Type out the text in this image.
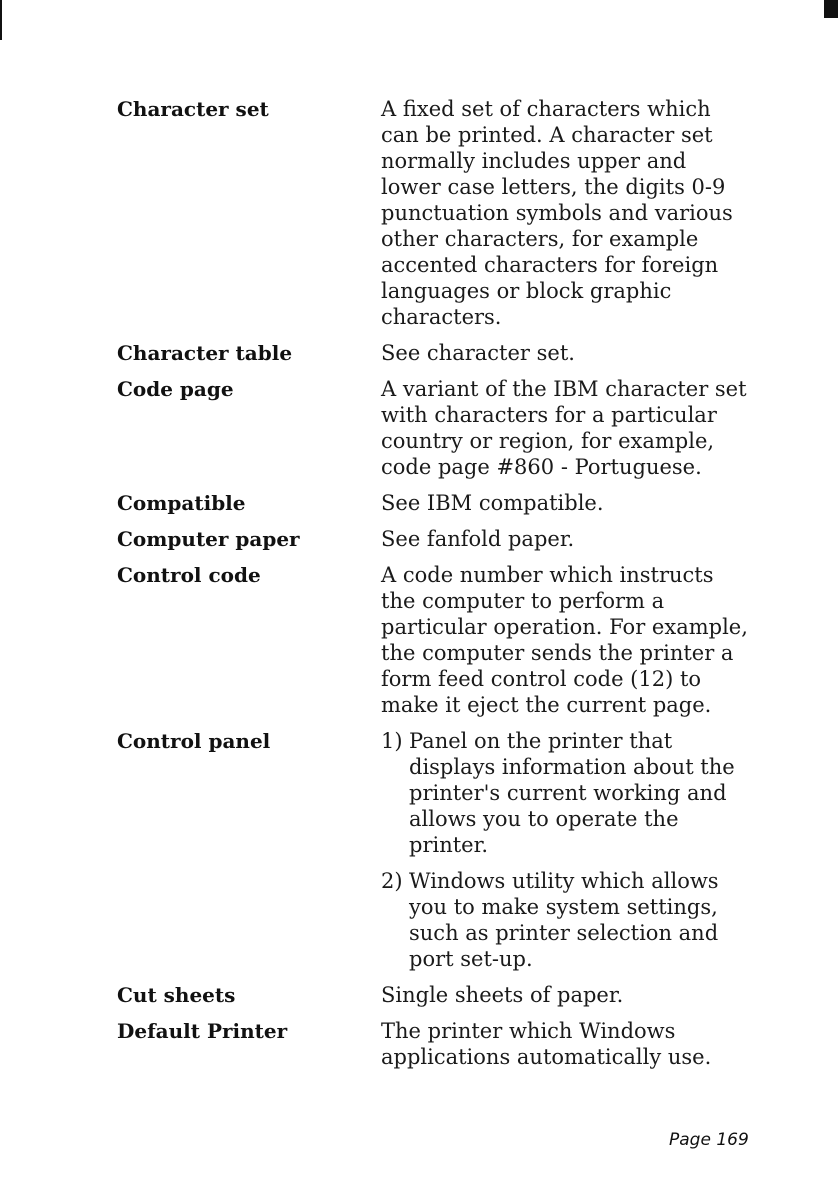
Character set	A fixed set of characters which can be printed. A character set normally includes upper and lower case letters, the digits 0-9 punctuation symbols and various other characters, for example accented characters for foreign languages or block graphic characters.
Character table	See character set.
Code page	A variant of the IBM character set with characters for a particular country or region, for example, code page #860 - Portuguese.
Compatible	See IBM compatible.
Computer paper	See fanfold paper.
Control code	A code number which instructs the computer to perform a particular operation. For example, the computer sends the printer a form feed control code (12) to make it eject the current page.
Control panel	1) Panel on the printer that displays information about the printer's current working and allows you to operate the printer.
2) Windows utility which allows you to make system settings, such as printer selection and port set-up.
Cut sheets	Single sheets of paper.
Default Printer	The printer which Windows applications automatically use.
Page 169
